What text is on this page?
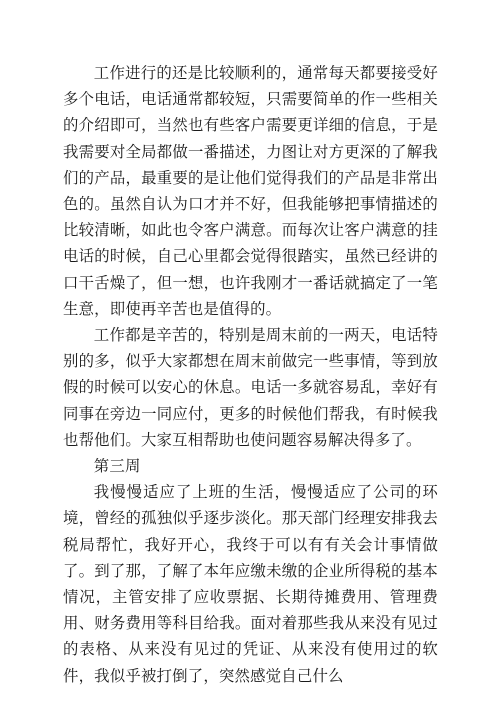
工作进行的还是比较顺利的，通常每天都要接受好多个电话，电话通常都较短，只需要简单的作一些相关的介绍即可，当然也有些客户需要更详细的信息，于是我需要对全局都做一番描述，力图让对方更深的了解我们的产品，最重要的是让他们觉得我们的产品是非常出色的。虽然自认为口才并不好，但我能够把事情描述的比较清晰，如此也令客户满意。而每次让客户满意的挂电话的时候，自己心里都会觉得很踏实，虽然已经讲的口干舌燥了，但一想，也许我刚才一番话就搞定了一笔生意，即使再辛苦也是值得的。

工作都是辛苦的，特别是周末前的一两天，电话特别的多，似乎大家都想在周末前做完一些事情，等到放假的时候可以安心的休息。电话一多就容易乱，幸好有同事在旁边一同应付，更多的时候他们帮我，有时候我也帮他们。大家互相帮助也使问题容易解决得多了。

第三周

我慢慢适应了上班的生活，慢慢适应了公司的环境，曾经的孤独似乎逐步淡化。那天部门经理安排我去税局帮忙，我好开心，我终于可以有有关会计事情做了。到了那，了解了本年应缴未缴的企业所得税的基本情况，主管安排了应收票据、长期待摊费用、管理费用、财务费用等科目给我。面对着那些我从来没有见过的表格、从来没有见过的凭证、从来没有使用过的软件，我似乎被打倒了，突然感觉自己什么
